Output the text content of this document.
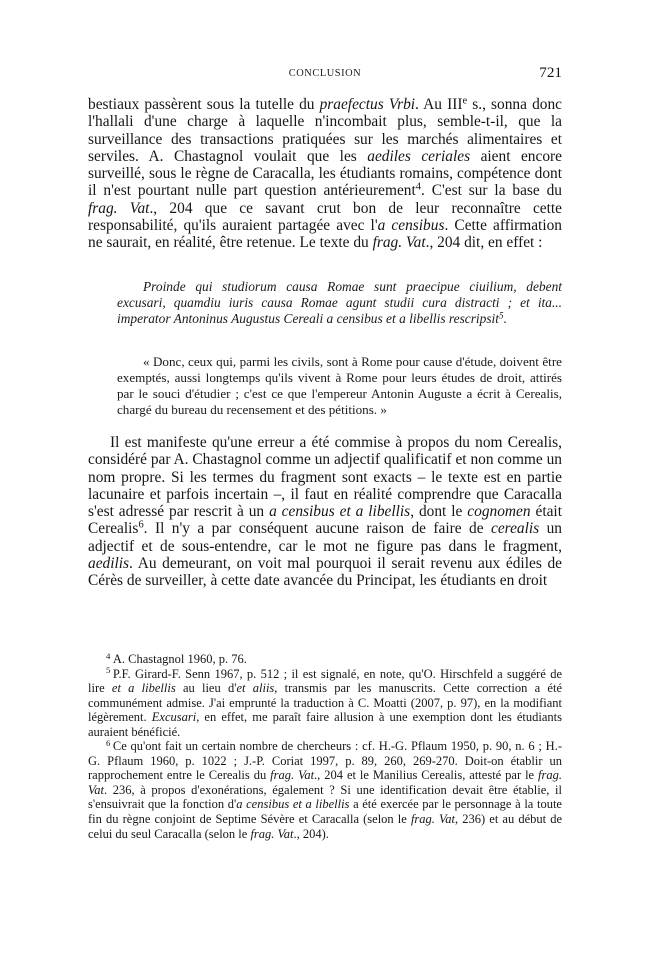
CONCLUSION	721

bestiaux passèrent sous la tutelle du praefectus Vrbi. Au IIIe s., sonna donc l'hallali d'une charge à laquelle n'incombait plus, semble-t-il, que la surveillance des transactions pratiquées sur les marchés alimentaires et serviles. A. Chastagnol voulait que les aediles ceriales aient encore surveillé, sous le règne de Caracalla, les étudiants romains, compétence dont il n'est pourtant nulle part question antérieurement$^4$. C'est sur la base du frag. Vat., 204 que ce savant crut bon de leur reconnaître cette responsabilité, qu'ils auraient partagée avec l'a censibus. Cette affirmation ne saurait, en réalité, être retenue. Le texte du frag. Vat., 204 dit, en effet :

Proinde qui studiorum causa Romae sunt praecipue ciuilium, debent excusari, quamdiu iuris causa Romae agunt studii cura distracti ; et ita... imperator Antoninus Augustus Cereali a censibus et a libellis rescripsit$^5$.

« Donc, ceux qui, parmi les civils, sont à Rome pour cause d'étude, doivent être exemptés, aussi longtemps qu'ils vivent à Rome pour leurs études de droit, attirés par le souci d'étudier ; c'est ce que l'empereur Antonin Auguste a écrit à Cerealis, chargé du bureau du recensement et des pétitions. »

Il est manifeste qu'une erreur a été commise à propos du nom Cerealis, considéré par A. Chastagnol comme un adjectif qualificatif et non comme un nom propre. Si les termes du fragment sont exacts – le texte est en partie lacunaire et parfois incertain –, il faut en réalité comprendre que Caracalla s'est adressé par rescrit à un a censibus et a libellis, dont le cognomen était Cerealis$^6$. Il n'y a par conséquent aucune raison de faire de cerealis un adjectif et de sous-entendre, car le mot ne figure pas dans le fragment, aedilis. Au demeurant, on voit mal pourquoi il serait revenu aux édiles de Cérès de surveiller, à cette date avancée du Principat, les étudiants en droit

$^4$ A. Chastagnol 1960, p. 76.

$^5$ P.F. Girard-F. Senn 1967, p. 512 ; il est signalé, en note, qu'O. Hirschfeld a suggéré de lire et a libellis au lieu d'et aliis, transmis par les manuscrits. Cette correction a été communément admise. J'ai emprunté la traduction à C. Moatti (2007, p. 97), en la modifiant légèrement. Excusari, en effet, me paraît faire allusion à une exemption dont les étudiants auraient bénéficié.

$^6$ Ce qu'ont fait un certain nombre de chercheurs : cf. H.-G. Pflaum 1950, p. 90, n. 6 ; H.-G. Pflaum 1960, p. 1022 ; J.-P. Coriat 1997, p. 89, 260, 269-270. Doit-on établir un rapprochement entre le Cerealis du frag. Vat., 204 et le Manilius Cerealis, attesté par le frag. Vat. 236, à propos d'exonérations, également ? Si une identification devait être établie, il s'ensuivrait que la fonction d'a censibus et a libellis a été exercée par le personnage à la toute fin du règne conjoint de Septime Sévère et Caracalla (selon le frag. Vat, 236) et au début de celui du seul Caracalla (selon le frag. Vat., 204).
